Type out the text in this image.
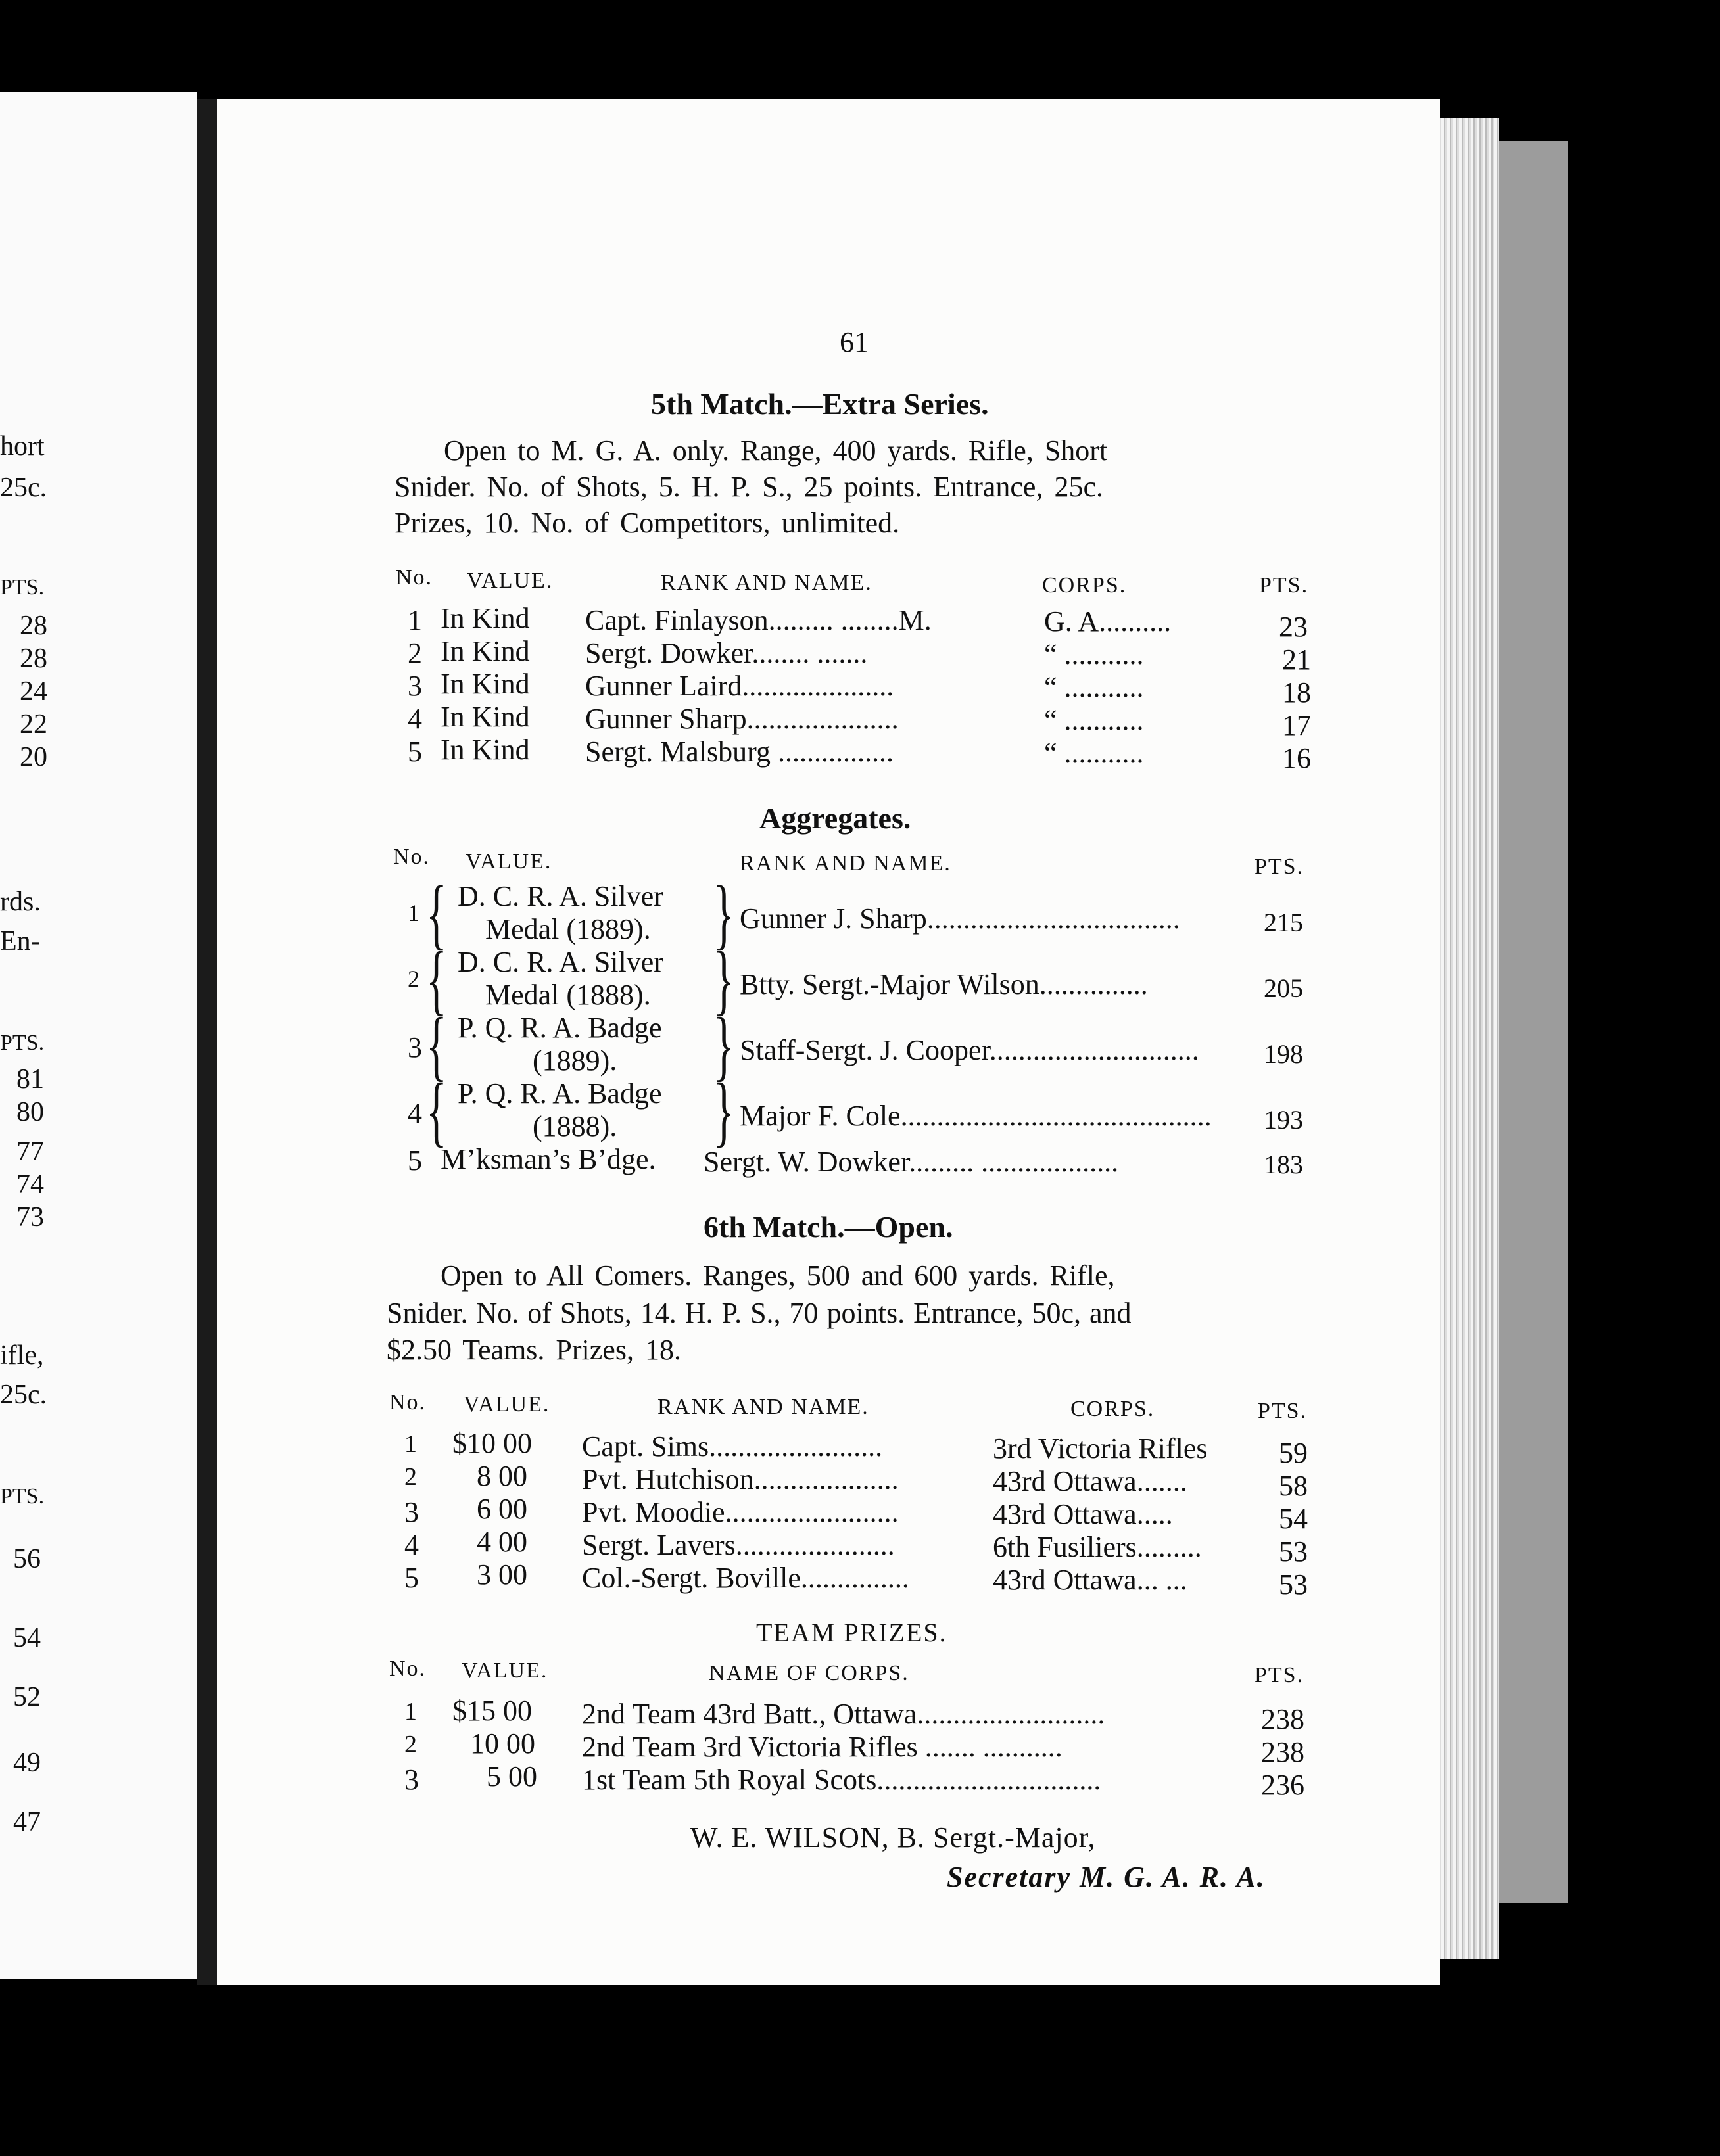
hort
25c.
PTS.
28
28
24
22
20
rds.
En-
PTS.
81
80
77
74
73
ifle,
25c.
PTS.
56
54
52
49
47
61
5th Match.—Extra Series.
Open to M. G. A. only. Range, 400 yards. Rifle, Short
Snider. No. of Shots, 5. H. P. S., 25 points. Entrance, 25c.
Prizes, 10. No. of Competitors, unlimited.
No. VALUE.	RANK AND NAME.	CORPS.	PTS.
1 In Kind Capt. Finlayson......... ........M.	G. A..........	23
2 In Kind Sergt. Dowker........ .......	“ ...........	21
3 In Kind Gunner Laird.....................	“ ...........	18
4 In Kind Gunner Sharp.....................	“ ...........	17
5 In Kind Sergt. Malsburg ................	“ ...........	16
Aggregates.
No. VALUE.	RANK AND NAME.	PTS.
1 { D. C. R. A. Silver
Medal (1889). } Gunner J. Sharp...................................	215
2 { D. C. R. A. Silver
Medal (1888). } Btty. Sergt.-Major Wilson...............	205
3 { P. Q. R. A. Badge
(1889). } Staff-Sergt. J. Cooper............................. 198
4 { P. Q. R. A. Badge
(1888). } Major F. Cole........................................... 193
5 M’ksman’s B’dge. Sergt. W. Dowker......... ...................	183
6th Match.—Open.
Open to All Comers. Ranges, 500 and 600 yards. Rifle,
Snider. No. of Shots, 14. H. P. S., 70 points. Entrance, 50c, and
$2.50 Teams. Prizes, 18.
No. VALUE.	RANK AND NAME.	CORPS.	PTS.
1 $10 00 Capt. Sims........................	3rd Victoria Rifles 59
2 8 00 Pvt. Hutchison....................	43rd Ottawa.......	58
3 6 00 Pvt. Moodie........................	43rd Ottawa.....	54
4 4 00 Sergt. Lavers......................	6th Fusiliers.........	53
5 3 00 Col.-Sergt. Boville...............	43rd Ottawa... ...	53
TEAM PRIZES.
No. VALUE.	NAME OF CORPS.	PTS.
1 $15 00 2nd Team 43rd Batt., Ottawa..........................	238
2 10 00 2nd Team 3rd Victoria Rifles ....... ...........	238
3 5 00 1st Team 5th Royal Scots...............................	236
W. E. WILSON, B. Sergt.-Major,
Secretary M. G. A. R. A.
